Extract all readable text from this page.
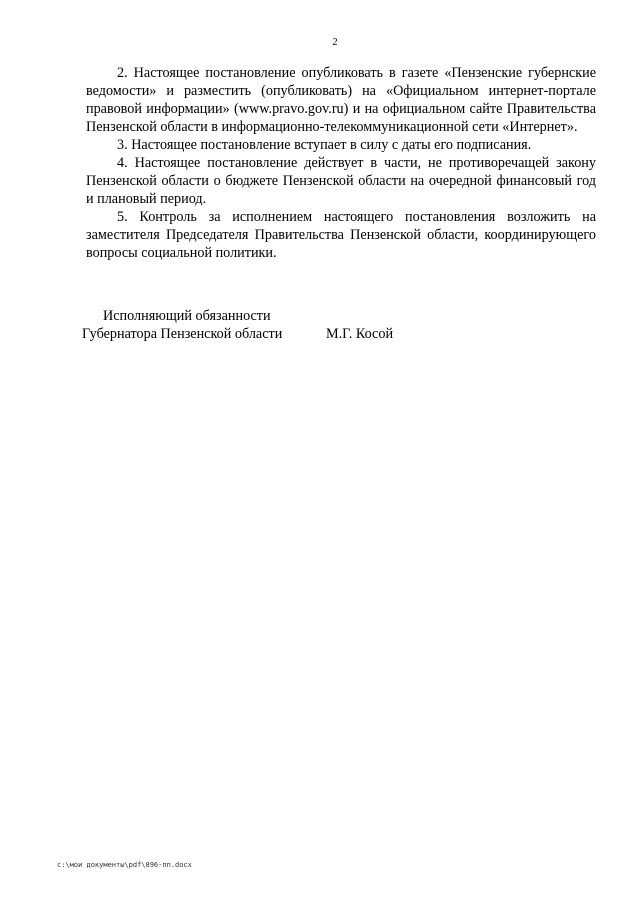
2

2. Настоящее постановление опубликовать в газете «Пензенские губернские ведомости» и разместить (опубликовать) на «Официальном интернет-портале правовой информации» (www.pravo.gov.ru) и на официальном сайте Правительства Пензенской области в информационно-телекоммуникационной сети «Интернет».

3. Настоящее постановление вступает в силу с даты его подписания.

4. Настоящее постановление действует в части, не противоречащей закону Пензенской области о бюджете Пензенской области на очередной финансовый год и плановый период.

5. Контроль за исполнением настоящего постановления возложить на заместителя Председателя Правительства Пензенской области, координирующего вопросы социальной политики.

Исполняющий обязанности
Губернатора Пензенской области	М.Г. Косой
c:\мои документы\pdf\896-пп.docx
